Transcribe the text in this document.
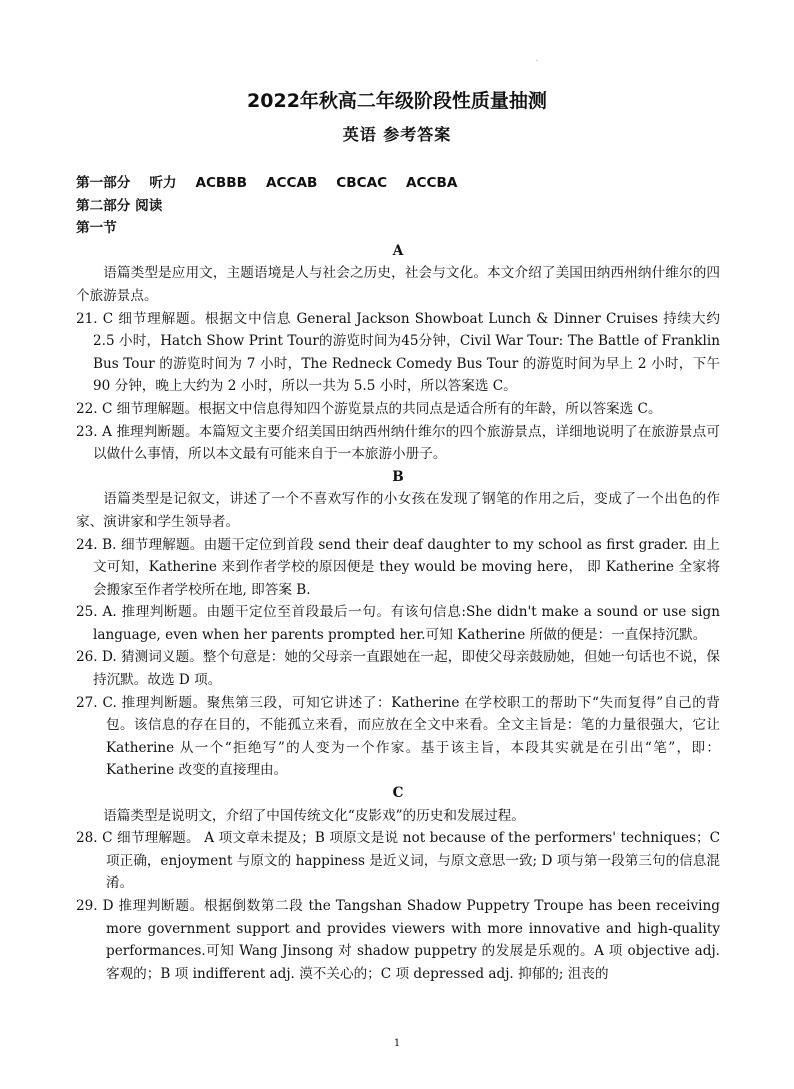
.
2022年秋高二年级阶段性质量抽测
英语 参考答案
第一部分 听力 ACBBB ACCAB CBCAC ACCBA
第二部分 阅读
第一节
A
语篇类型是应用文，主题语境是人与社会之历史，社会与文化。本文介绍了美国田纳西州纳什维尔的四个旅游景点。
21. C 细节理解题。根据文中信息 General Jackson Showboat Lunch & Dinner Cruises 持续大约 2.5 小时，Hatch Show Print Tour的游览时间为45分钟，Civil War Tour: The Battle of Franklin Bus Tour 的游览时间为 7 小时，The Redneck Comedy Bus Tour 的游览时间为早上 2 小时，下午 90 分钟，晚上大约为 2 小时，所以一共为 5.5 小时，所以答案选 C。
22. C 细节理解题。根据文中信息得知四个游览景点的共同点是适合所有的年龄，所以答案选 C。
23. A 推理判断题。本篇短文主要介绍美国田纳西州纳什维尔的四个旅游景点，详细地说明了在旅游景点可以做什么事情，所以本文最有可能来自于一本旅游小册子。
B
语篇类型是记叙文，讲述了一个不喜欢写作的小女孩在发现了钢笔的作用之后，变成了一个出色的作家、演讲家和学生领导者。
24. B. 细节理解题。由题干定位到首段 send their deaf daughter to my school as first grader. 由上文可知，Katherine 来到作者学校的原因便是 they would be moving here， 即 Katherine 全家将会搬家至作者学校所在地, 即答案 B.
25. A. 推理判断题。由题干定位至首段最后一句。有该句信息:She didn't make a sound or use sign language, even when her parents prompted her.可知 Katherine 所做的便是：一直保持沉默。
26. D. 猜测词义题。整个句意是：她的父母亲一直跟她在一起，即使父母亲鼓励她，但她一句话也不说，保持沉默。故选 D 项。
27. C. 推理判断题。聚焦第三段，可知它讲述了：Katherine 在学校职工的帮助下“失而复得”自己的背包。该信息的存在目的，不能孤立来看，而应放在全文中来看。全文主旨是：笔的力量很强大，它让 Katherine 从一个“拒绝写”的人变为一个作家。基于该主旨，本段其实就是在引出“笔”，即：Katherine 改变的直接理由。
C
语篇类型是说明文，介绍了中国传统文化“皮影戏”的历史和发展过程。
28. C 细节理解题。 A 项文章未提及；B 项原文是说 not because of the performers' techniques；C 项正确，enjoyment 与原文的 happiness 是近义词，与原文意思一致; D 项与第一段第三句的信息混淆。
29. D 推理判断题。根据倒数第二段 the Tangshan Shadow Puppetry Troupe has been receiving more government support and provides viewers with more innovative and high-quality performances.可知 Wang Jinsong 对 shadow puppetry 的发展是乐观的。A 项 objective adj. 客观的；B 项 indifferent adj. 漠不关心的；C 项 depressed adj. 抑郁的; 沮丧的
1
